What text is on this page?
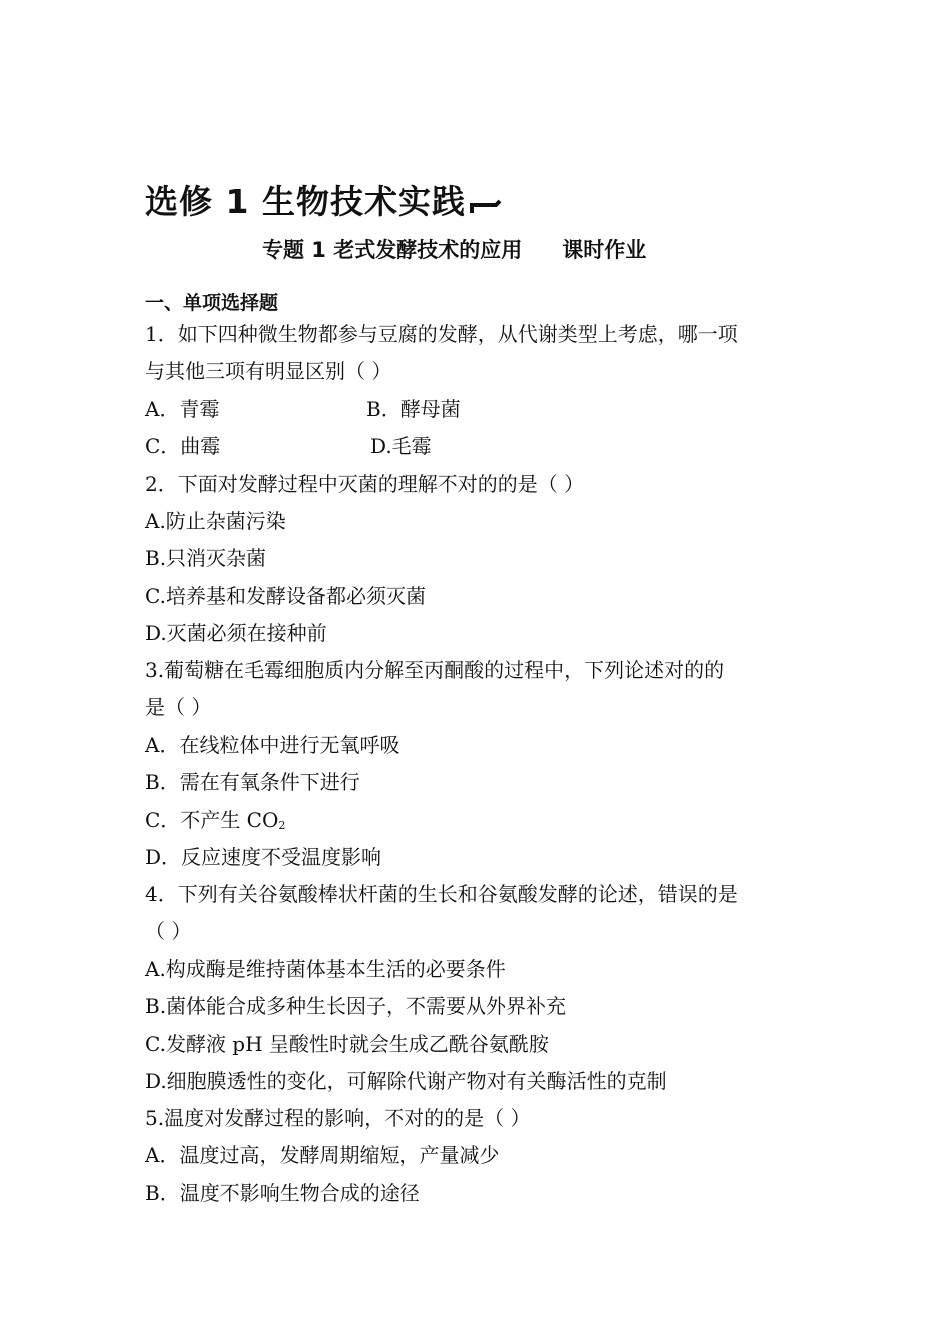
选修 1 生物技术实践
专题 1 老式发酵技术的应用 课时作业
一、单项选择题
1．如下四种微生物都参与豆腐的发酵，从代谢类型上考虑，哪一项
与其他三项有明显区别（ ）
A．青霉	B．酵母菌
C．曲霉	D.毛霉
2．下面对发酵过程中灭菌的理解不对的的是（ ）
A.防止杂菌污染
B.只消灭杂菌
C.培养基和发酵设备都必须灭菌
D.灭菌必须在接种前
3.葡萄糖在毛霉细胞质内分解至丙酮酸的过程中，下列论述对的的
是（ ）
A．在线粒体中进行无氧呼吸
B．需在有氧条件下进行
C．不产生 $CO_2$
D．反应速度不受温度影响
4．下列有关谷氨酸棒状杆菌的生长和谷氨酸发酵的论述，错误的是
（ ）
A.构成酶是维持菌体基本生活的必要条件
B.菌体能合成多种生长因子，不需要从外界补充
C.发酵液 pH 呈酸性时就会生成乙酰谷氨酰胺
D.细胞膜透性的变化，可解除代谢产物对有关酶活性的克制
5.温度对发酵过程的影响，不对的的是（ ）
A．温度过高，发酵周期缩短，产量减少
B．温度不影响生物合成的途径
